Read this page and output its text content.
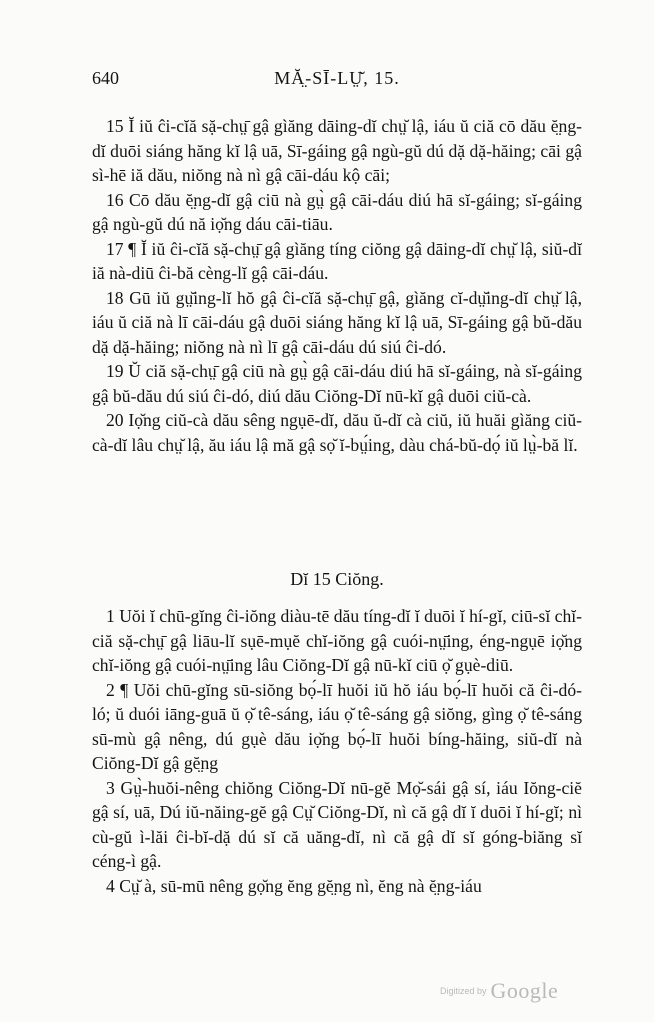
640	MĂ̤-SĪ-LṲ̆, 15.

15 Ĭ iŭ ĉi-cĭă sặ-chṳ̄ gậ gìăng dāing-dĭ chṳ̆ lậ, iáu ŭ ciă cō dău ĕ̤ng-dĭ duōi siáng hăng kĭ lậ uā, Sī-gáing gậ ngù-gŭ dú dặ dặ-hăing; cāi gậ sì-hē iă dău, niŏng nà nì gậ cāi-dáu kộ cāi;

16 Cō dău ĕ̤ng-dĭ gậ ciū nà gṳ̀ gậ cāi-dáu diú hā sĭ-gáing; sĭ-gáing gậ ngù-gŭ dú nă iọ̆ng dáu cāi-tiāu.

17 ¶ Ĭ iŭ ĉi-cĭă sặ-chṳ̄ gậ gìăng tíng ciŏng gậ dāing-dĭ chṳ̆ lậ, siŭ-dĭ iă nà-diū ĉi-bă cèng-lĭ gậ cāi-dáu.

18 Gū iŭ gṳ̆ing-lĭ hŏ gậ ĉi-cĭă sặ-chṳ̄ gậ, gìăng cĭ-dṳ̆ing-dĭ chṳ̆ lậ, iáu ŭ ciă nà lī cāi-dáu gậ duōi siáng hăng kĭ lậ uā, Sī-gáing gậ bŭ-dău dặ dặ-hăing; niŏng nà nì lī gậ cāi-dáu dú siú ĉi-dó.

19 Ŭ ciă sặ-chṳ̄ gậ ciū nà gṳ̀ gậ cāi-dáu diú hā sĭ-gáing, nà sĭ-gáing gậ bŭ-dău dú siú ĉi-dó, diú dău Ciŏng-Dĭ nū-kĭ gậ duōi ciŭ-cà.

20 Iọ̆ng ciŭ-cà dău sêng ngụē-dĭ, dău ŭ-dĭ cà ciŭ, iŭ huăi gìăng ciŭ-cà-dĭ lâu chṳ̆ lậ, ău iáu lậ mă gậ sọ̆ ĭ-bṳ́ing, dàu chá-bŭ-dọ́ iŭ lṳ̀-bă lĭ.

Dĭ 15 Ciŏng.

1 Uŏi ĭ chū-gĭng ĉi-iŏng diàu-tē dău tíng-dĭ ĭ duōi ĭ hí-gĭ, ciū-sĭ chĭ-ciă sặ-chṳ̄ gậ liāu-lĭ sụē-mụĕ chĭ-iŏng gậ cuói-nṳ̄ing, éng-ngụē iọ̆ng chĭ-iŏng gậ cuói-nṳ̄ing lâu Ciŏng-Dĭ gậ nū-kĭ ciū ọ̆ gụè-diū.

2 ¶ Uŏi chū-gĭng sū-siŏng bọ́-lī huŏi iŭ hŏ iáu bọ́-lī huŏi că ĉi-dó-ló; ŭ duói iāng-guā ŭ ọ̆ tê-sáng, iáu ọ̆ tê-sáng gậ siŏng, gìng ọ̆ tê-sáng sū-mù gậ nêng, dú gụè dău iọ̆ng bọ́-lī huŏi bíng-hăing, siŭ-dĭ nà Ciŏng-Dĭ gậ gĕ̤ng

3 Gṳ̀-huŏi-nêng chiŏng Ciŏng-Dĭ nū-gĕ Mọ̆-sái gậ sí, iáu Iŏng-ciĕ gậ sí, uā, Dú iŭ-năing-gĕ gậ Cṳ̆ Ciŏng-Dĭ, nì că gậ dĭ ĭ duōi ĭ hí-gĭ; nì cù-gŭ ì-lăi ĉi-bĭ-dặ dú sĭ că uăng-dĭ, nì că gậ dĭ sĭ góng-biăng sĭ céng-ì gậ.

4 Cṳ̆ à, sū-mū nêng gọ̆ng ĕng gĕ̤ng nì, ĕng nà ĕ̤ng-iáu

Digitized by Google
